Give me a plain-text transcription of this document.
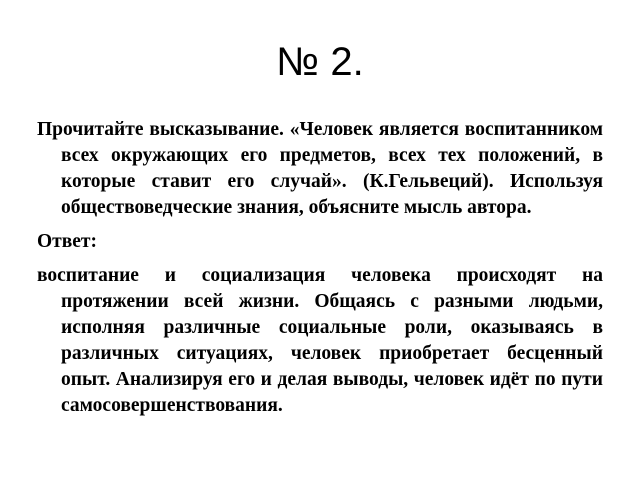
№ 2.

Прочитайте высказывание. «Человек является воспитанником всех окружающих его предметов, всех тех положений, в которые ставит его случай». (К.Гельвеций). Используя обществоведческие знания, объясните мысль автора.

Ответ:

воспитание и социализация человека происходят на протяжении всей жизни. Общаясь с разными людьми, исполняя различные социальные роли, оказываясь в различных ситуациях, человек приобретает бесценный опыт. Анализируя его и делая выводы, человек идёт по пути самосовершенствования.
